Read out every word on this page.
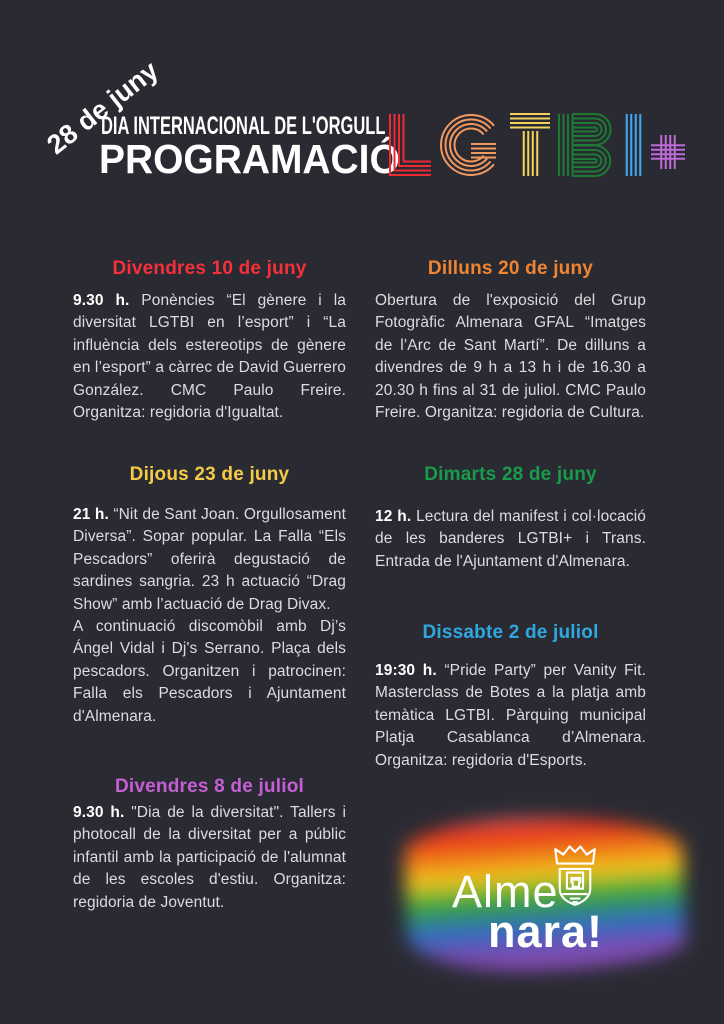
28 de juny
DIA INTERNACIONAL DE L'ORGULL
PROGRAMACIÓ
Divendres 10 de juny
9.30 h. Ponències “El gènere i la diversitat LGTBI en l’esport” i “La influència dels estereotips de gènere en l’esport” a càrrec de David Guerrero González. CMC Paulo Freire. Organitza: regidoria d'Igualtat.
Dijous 23 de juny
21 h. “Nit de Sant Joan. Orgullosament Diversa”. Sopar popular. La Falla “Els Pescadors” oferirà degustació de sardines sangria. 23 h actuació “Drag Show” amb l’actuació de Drag Divax.
A continuació discomòbil amb Dj’s Ángel Vidal i Dj's Serrano. Plaça dels pescadors. Organitzen i patrocinen: Falla els Pescadors i Ajuntament d'Almenara.
Divendres 8 de juliol
9.30 h. "Dia de la diversitat". Tallers i photocall de la diversitat per a públic infantil amb la participació de l'alumnat de les escoles d'estiu. Organitza: regidoria de Joventut.
Dilluns 20 de juny
Obertura de l'exposició del Grup Fotogràfic Almenara GFAL “Imatges de l’Arc de Sant Martí”. De dilluns a divendres de 9 h a 13 h i de 16.30 a 20.30 h fins al 31 de juliol. CMC Paulo Freire. Organitza: regidoria de Cultura.
Dimarts 28 de juny
12 h. Lectura del manifest i col·locació de les banderes LGTBI+ i Trans. Entrada de l'Ajuntament d'Almenara.
Dissabte 2 de juliol
19:30 h. “Pride Party” per Vanity Fit. Masterclass de Botes a la platja amb temàtica LGTBI. Pàrquing municipal Platja Casablanca d’Almenara. Organitza: regidoria d'Esports.
Alme
nara!
